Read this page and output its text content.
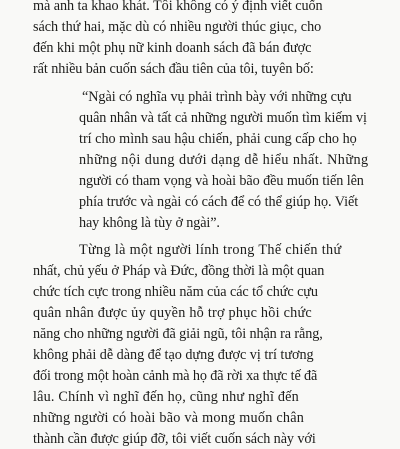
mà anh ta khao khát. Tôi không có ý định viết cuốn
sách thứ hai, mặc dù có nhiều người thúc giục, cho
đến khi một phụ nữ kinh doanh sách đã bán được
rất nhiều bản cuốn sách đầu tiên của tôi, tuyên bố:
“Ngài có nghĩa vụ phải trình bày với những cựu
quân nhân và tất cả những người muốn tìm kiếm vị
trí cho mình sau hậu chiến, phải cung cấp cho họ
những nội dung dưới dạng dễ hiểu nhất. Những
người có tham vọng và hoài bão đều muốn tiến lên
phía trước và ngài có cách để có thể giúp họ. Viết
hay không là tùy ở ngài”.
Từng là một người lính trong Thế chiến thứ
nhất, chủ yếu ở Pháp và Đức, đồng thời là một quan
chức tích cực trong nhiều năm của các tổ chức cựu
quân nhân được ủy quyền hỗ trợ phục hồi chức
năng cho những người đã giải ngũ, tôi nhận ra rằng,
không phải dễ dàng để tạo dựng được vị trí tương
đối trong một hoàn cảnh mà họ đã rời xa thực tế đã
lâu. Chính vì nghĩ đến họ, cũng như nghĩ đến
những người có hoài bão và mong muốn chân
thành cần được giúp đỡ, tôi viết cuốn sách này với
